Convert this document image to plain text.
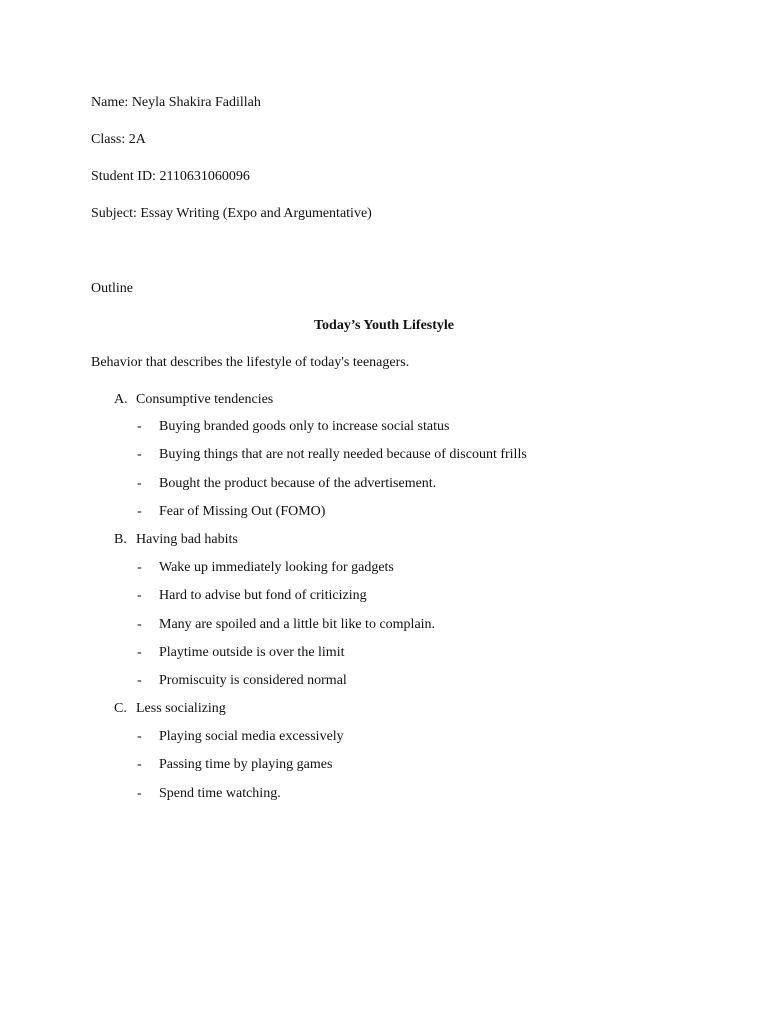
Name: Neyla Shakira Fadillah
Class: 2A
Student ID: 2110631060096
Subject: Essay Writing (Expo and Argumentative)
Outline
Today’s Youth Lifestyle
Behavior that describes the lifestyle of today's teenagers.
A. Consumptive tendencies
- Buying branded goods only to increase social status
- Buying things that are not really needed because of discount frills
- Bought the product because of the advertisement.
- Fear of Missing Out (FOMO)
B. Having bad habits
- Wake up immediately looking for gadgets
- Hard to advise but fond of criticizing
- Many are spoiled and a little bit like to complain.
- Playtime outside is over the limit
- Promiscuity is considered normal
C. Less socializing
- Playing social media excessively
- Passing time by playing games
- Spend time watching.
